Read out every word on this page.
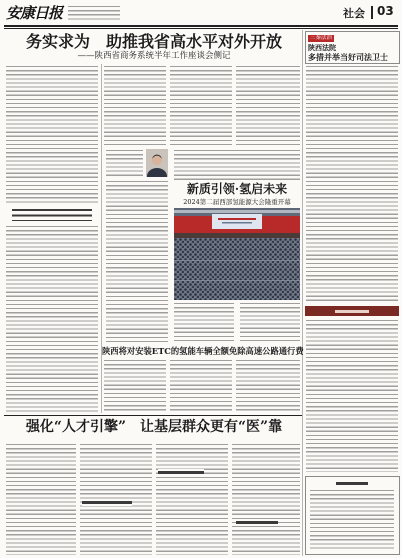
安康日报	社会 03
务实求为　助推我省高水平对外开放
——陕西省商务系统半年工作座谈会侧记
新质引领·氢启未来
2024第二届西部氢能源大会隆重开幕
陕西将对安装ETC的氢能车辆全额免除高速公路通行费
强化“人才引擎”　让基层群众更有“医”靠
三秦法治
陕西法院
多措并举当好司法卫士
